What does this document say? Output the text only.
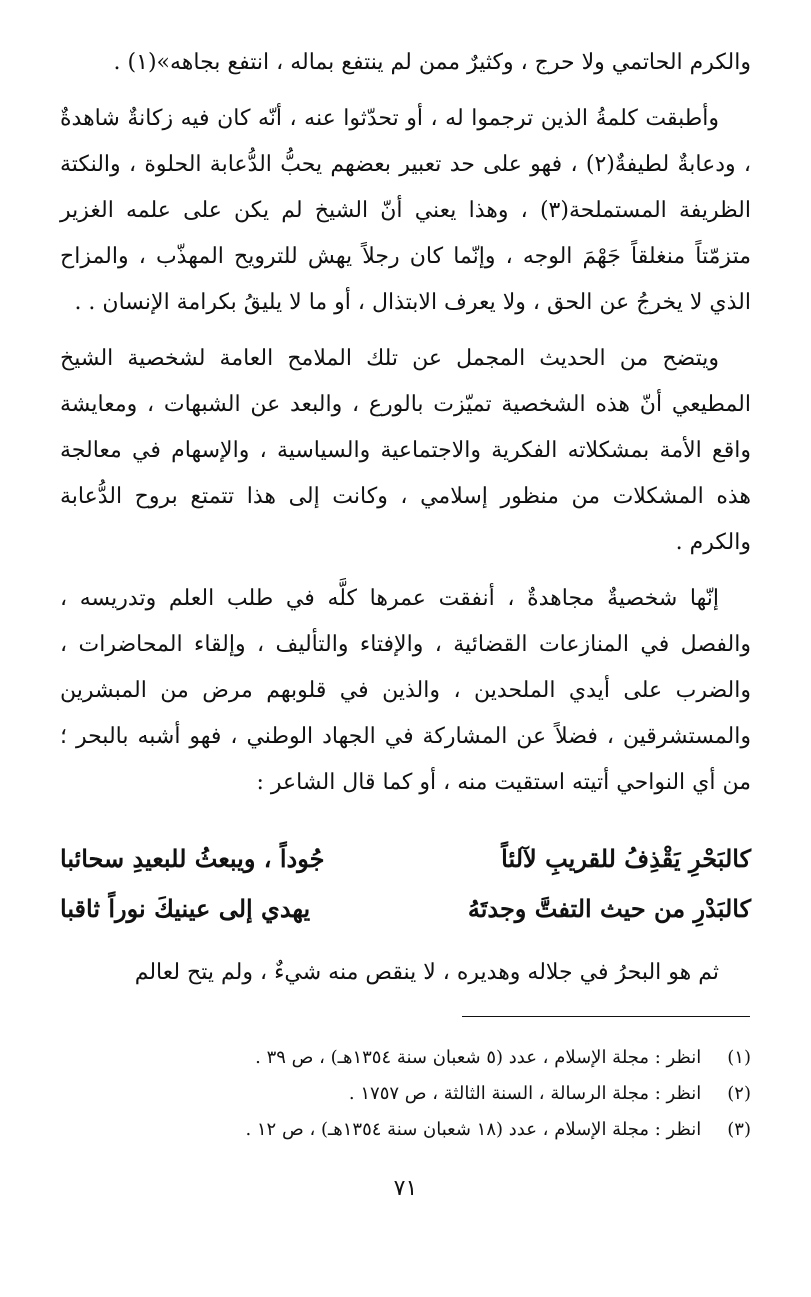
والكرم الحاتمي ولا حرج ، وكثيرٌ ممن لم ينتفع بماله ، انتفع بجاهه»(١) .

وأطبقت كلمةُ الذين ترجموا له ، أو تحدّثوا عنه ، أنّه كان فيه زكانةٌ شاهدةٌ ، ودعابةٌ لطيفةٌ(٢) ، فهو على حد تعبير بعضهم يحبُّ الدُّعابة الحلوة ، والنكتة الظريفة المستملحة(٣) ، وهذا يعني أنّ الشيخ لم يكن على علمه الغزير متزمّتاً منغلقاً جَهْمَ الوجه ، وإنّما كان رجلاً يهش للترويح المهذّب ، والمزاح الذي لا يخرجُ عن الحق ، ولا يعرف الابتذال ، أو ما لا يليقُ بكرامة الإنسان . .

ويتضح من الحديث المجمل عن تلك الملامح العامة لشخصية الشيخ المطيعي أنّ هذه الشخصية تميّزت بالورع ، والبعد عن الشبهات ، ومعايشة واقع الأمة بمشكلاته الفكرية والاجتماعية والسياسية ، والإسهام في معالجة هذه المشكلات من منظور إسلامي ، وكانت إلى هذا تتمتع بروح الدُّعابة والكرم .

إنّها شخصيةٌ مجاهدةٌ ، أنفقت عمرها كلَّه في طلب العلم وتدريسه ، والفصل في المنازعات القضائية ، والإفتاء والتأليف ، وإلقاء المحاضرات ، والضرب على أيدي الملحدين ، والذين في قلوبهم مرض من المبشرين والمستشرقين ، فضلاً عن المشاركة في الجهاد الوطني ، فهو أشبه بالبحر ؛ من أي النواحي أتيته استقيت منه ، أو كما قال الشاعر :

كالبَحْرِ يَقْذِفُ للقريبِ لآلئاً
جُوداً ، ويبعثُ للبعيدِ سحائبا
كالبَدْرِ من حيث التفتَّ وجدتَهُ
يهدي إلى عينيكَ نوراً ثاقبا

ثم هو البحرُ في جلاله وهديره ، لا ينقص منه شيءٌ ، ولم يتح لعالم

(١) انظر : مجلة الإسلام ، عدد (٥ شعبان سنة ١٣٥٤هـ) ، ص ٣٩ .
(٢) انظر : مجلة الرسالة ، السنة الثالثة ، ص ١٧٥٧ .
(٣) انظر : مجلة الإسلام ، عدد (١٨ شعبان سنة ١٣٥٤هـ) ، ص ١٢ .
٧١
